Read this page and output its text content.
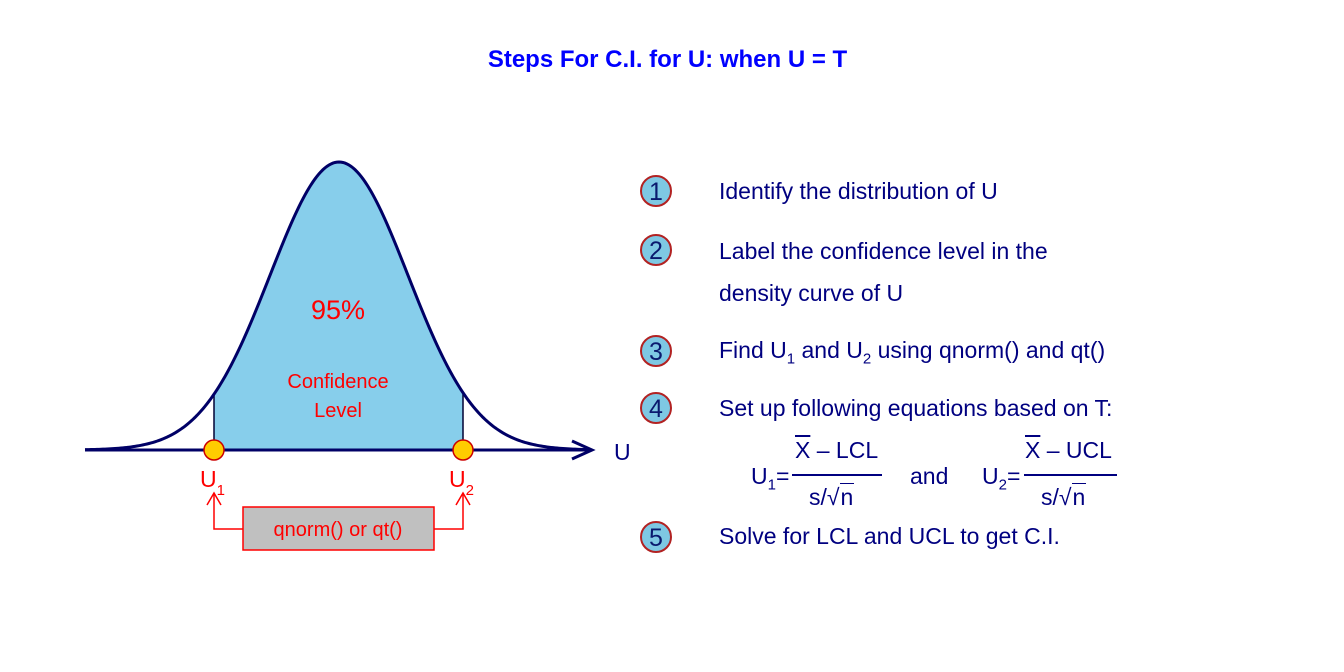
Steps For C.I. for U: when U = T
95%
Confidence
Level
U
$U_1$	$U_2$
qnorm() or qt()
1	Identify the distribution of U
2	Label the confidence level in the
density curve of U
3	Find $U_1$ and $U_2$ using qnorm() and qt()
4	Set up following equations based on T:
$U_1=$
$\overline{X}$ – LCL
s/√n
and $U_2=$
$\overline{X}$ – UCL
s/√n
5	Solve for LCL and UCL to get C.I.
